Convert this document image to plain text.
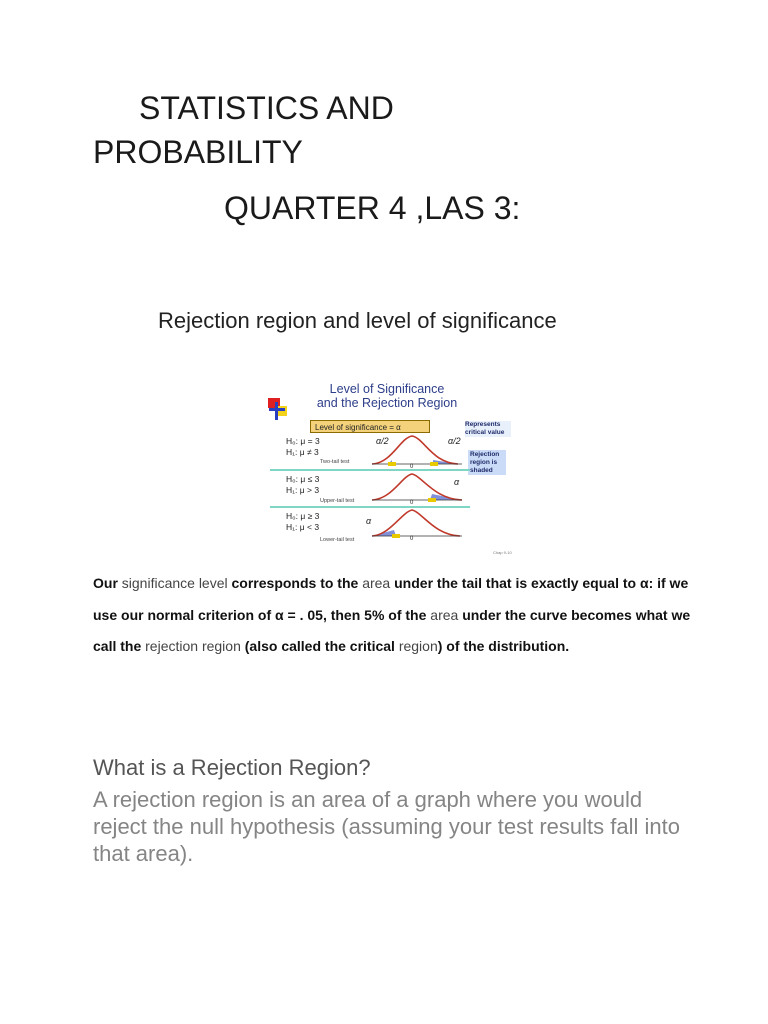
STATISTICS AND
PROBABILITY
QUARTER 4 ,LAS 3:
Rejection region and level of significance
Level of Significance
and the Rejection Region
Level of significance = α	Represents critical value
Rejection region is shaded
H₀: μ = 3
H₁: μ ≠ 3
Two-tail test
α/2	α/2
0
H₀: μ ≤ 3
H₁: μ > 3
Upper-tail test
α
0
H₀: μ ≥ 3
H₁: μ < 3
Lower-tail test
α
0
Chap 9-10
Our significance level corresponds to the area under the tail that is exactly equal to α: if we use our normal criterion of α = . 05, then 5% of the area under the curve becomes what we call the rejection region (also called the critical region) of the distribution.
What is a Rejection Region?
A rejection region is an area of a graph where you would reject the null hypothesis (assuming your test results fall into that area).
